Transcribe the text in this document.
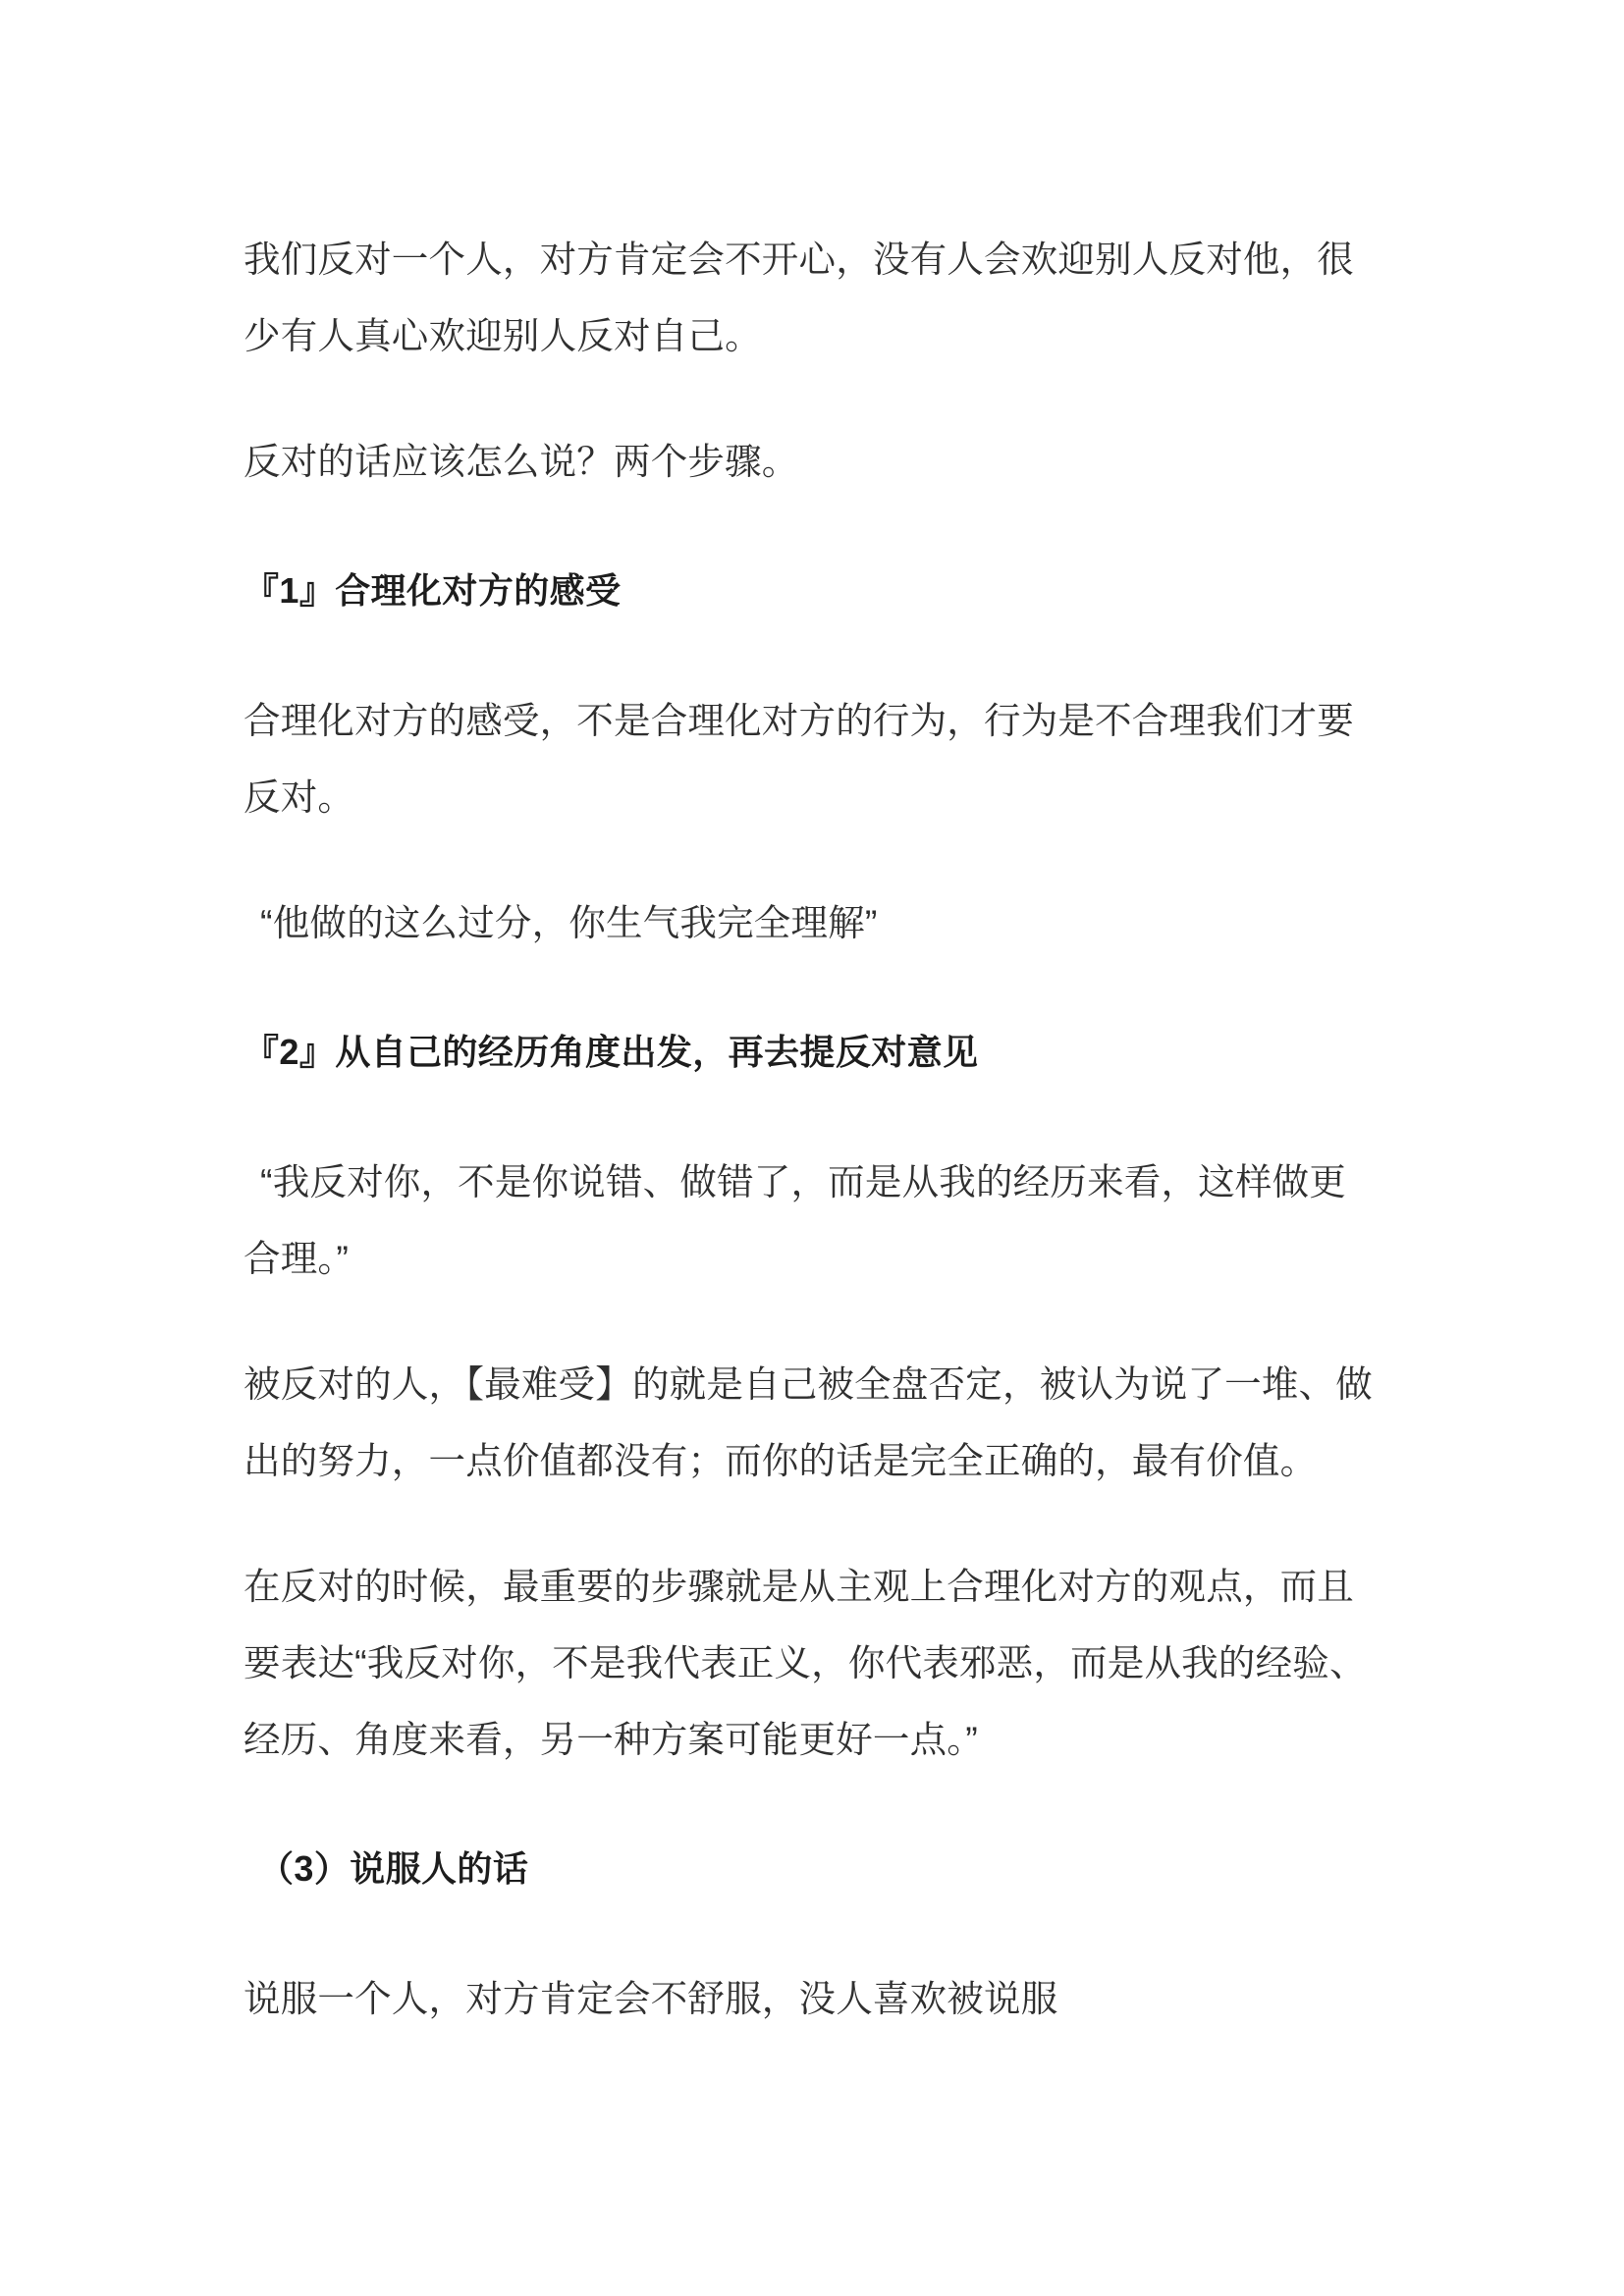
我们反对一个人，对方肯定会不开心，没有人会欢迎别人反对他，很少有人真心欢迎别人反对自己。

反对的话应该怎么说？两个步骤。

『1』合理化对方的感受

合理化对方的感受，不是合理化对方的行为，行为是不合理我们才要反对。

“他做的这么过分，你生气我完全理解”

『2』从自己的经历角度出发，再去提反对意见

“我反对你，不是你说错、做错了，而是从我的经历来看，这样做更合理。”

被反对的人，【最难受】的就是自己被全盘否定，被认为说了一堆、做出的努力，一点价值都没有；而你的话是完全正确的，最有价值。

在反对的时候，最重要的步骤就是从主观上合理化对方的观点，而且要表达“我反对你，不是我代表正义，你代表邪恶，而是从我的经验、经历、角度来看，另一种方案可能更好一点。”

（3）说服人的话

说服一个人，对方肯定会不舒服，没人喜欢被说服
